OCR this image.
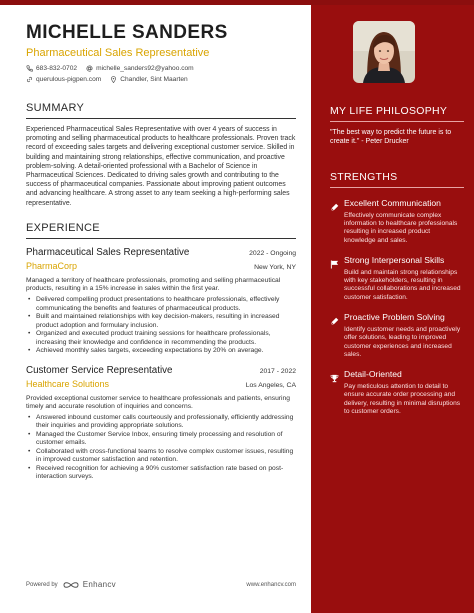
MICHELLE SANDERS
Pharmaceutical Sales Representative
683-832-0702	michelle_sanders92@yahoo.com
querulous-pigpen.com	Chandler, Sint Maarten
SUMMARY
Experienced Pharmaceutical Sales Representative with over 4 years of success in promoting and selling pharmaceutical products to healthcare professionals. Proven track record of exceeding sales targets and delivering exceptional customer service. Skilled in building and maintaining strong relationships, effective communication, and proactive problem-solving. A detail-oriented professional with a Bachelor of Science in Pharmaceutical Sciences. Dedicated to driving sales growth and contributing to the success of pharmaceutical companies. Passionate about improving patient outcomes and advancing healthcare. A strong asset to any team seeking a high-performing sales representative.
EXPERIENCE
Pharmaceutical Sales Representative	2022 - Ongoing
PharmaCorp	New York, NY
Managed a territory of healthcare professionals, promoting and selling pharmaceutical products, resulting in a 15% increase in sales within the first year.
• Delivered compelling product presentations to healthcare professionals, effectively communicating the benefits and features of pharmaceutical products.
• Built and maintained relationships with key decision-makers, resulting in increased product adoption and formulary inclusion.
• Organized and executed product training sessions for healthcare professionals, increasing their knowledge and confidence in recommending the products.
• Achieved monthly sales targets, exceeding expectations by 20% on average.
Customer Service Representative	2017 - 2022
Healthcare Solutions	Los Angeles, CA
Provided exceptional customer service to healthcare professionals and patients, ensuring timely and accurate resolution of inquiries and concerns.
• Answered inbound customer calls courteously and professionally, efficiently addressing their inquiries and providing appropriate solutions.
• Managed the Customer Service Inbox, ensuring timely processing and resolution of customer emails.
• Collaborated with cross-functional teams to resolve complex customer issues, resulting in improved customer satisfaction and retention.
• Received recognition for achieving a 90% customer satisfaction rate based on post-interaction surveys.
MY LIFE PHILOSOPHY
"The best way to predict the future is to create it." - Peter Drucker
STRENGTHS
Excellent Communication
Effectively communicate complex information to healthcare professionals resulting in increased product knowledge and sales.
Strong Interpersonal Skills
Build and maintain strong relationships with key stakeholders, resulting in successful collaborations and increased customer satisfaction.
Proactive Problem Solving
Identify customer needs and proactively offer solutions, leading to improved customer experiences and increased sales.
Detail-Oriented
Pay meticulous attention to detail to ensure accurate order processing and delivery, resulting in minimal disruptions to customer orders.
Powered by	Enhancv	www.enhancv.com
